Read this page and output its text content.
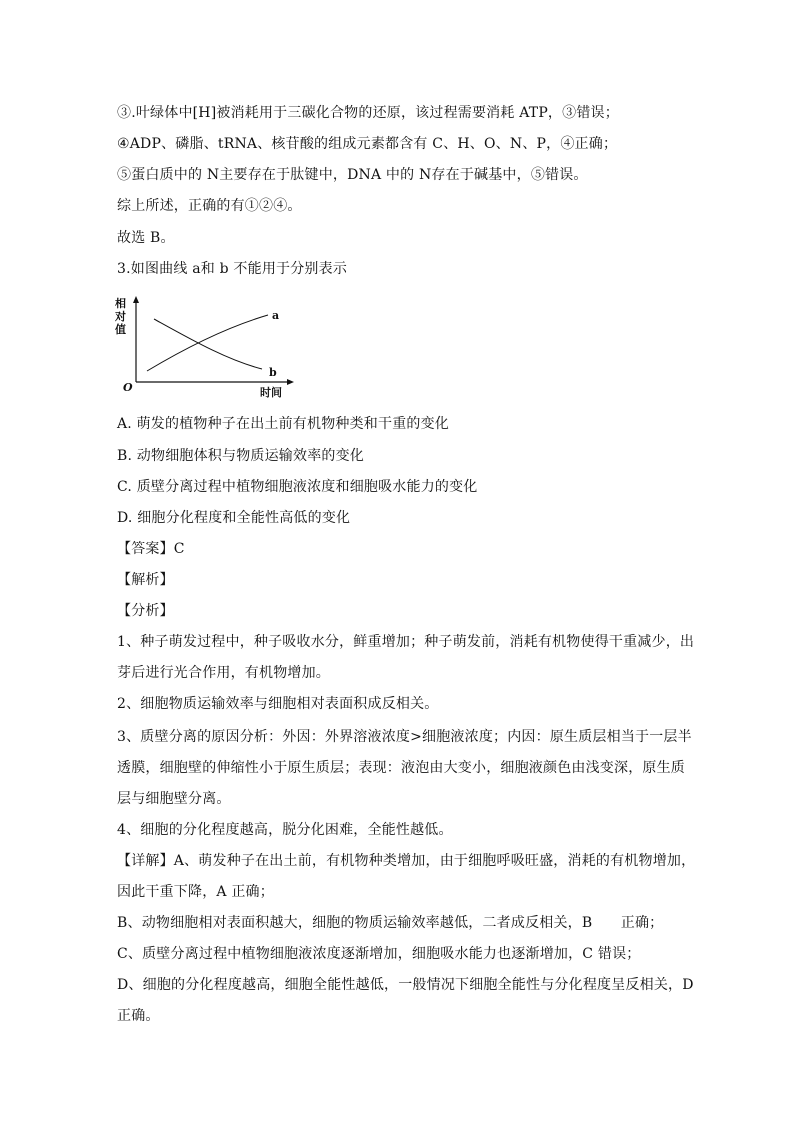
③.叶绿体中[H]被消耗用于三碳化合物的还原，该过程需要消耗 ATP，③错误；
④ADP、磷脂、tRNA、核苷酸的组成元素都含有 C、H、O、N、P，④正确；
⑤蛋白质中的 N主要存在于肽键中，DNA 中的 N存在于碱基中，⑤错误。
综上所述，正确的有①②④。
故选 B。
3.如图曲线 a和 b 不能用于分别表示
相
对
值
O	时间
a
b
A. 萌发的植物种子在出土前有机物种类和干重的变化
B. 动物细胞体积与物质运输效率的变化
C. 质壁分离过程中植物细胞液浓度和细胞吸水能力的变化
D. 细胞分化程度和全能性高低的变化
【答案】C
【解析】
【分析】
1、种子萌发过程中，种子吸收水分，鲜重增加；种子萌发前，消耗有机物使得干重减少，出
芽后进行光合作用，有机物增加。
2、细胞物质运输效率与细胞相对表面积成反相关。
3、质壁分离的原因分析：外因：外界溶液浓度>细胞液浓度；内因：原生质层相当于一层半
透膜，细胞壁的伸缩性小于原生质层；表现：液泡由大变小，细胞液颜色由浅变深，原生质
层与细胞壁分离。
4、细胞的分化程度越高，脱分化困难，全能性越低。
【详解】A、萌发种子在出土前，有机物种类增加，由于细胞呼吸旺盛，消耗的有机物增加，
因此干重下降，A 正确；
B、动物细胞相对表面积越大，细胞的物质运输效率越低，二者成反相关，B　　正确；
C、质壁分离过程中植物细胞液浓度逐渐增加，细胞吸水能力也逐渐增加，C 错误；
D、细胞的分化程度越高，细胞全能性越低，一般情况下细胞全能性与分化程度呈反相关，D
正确。
